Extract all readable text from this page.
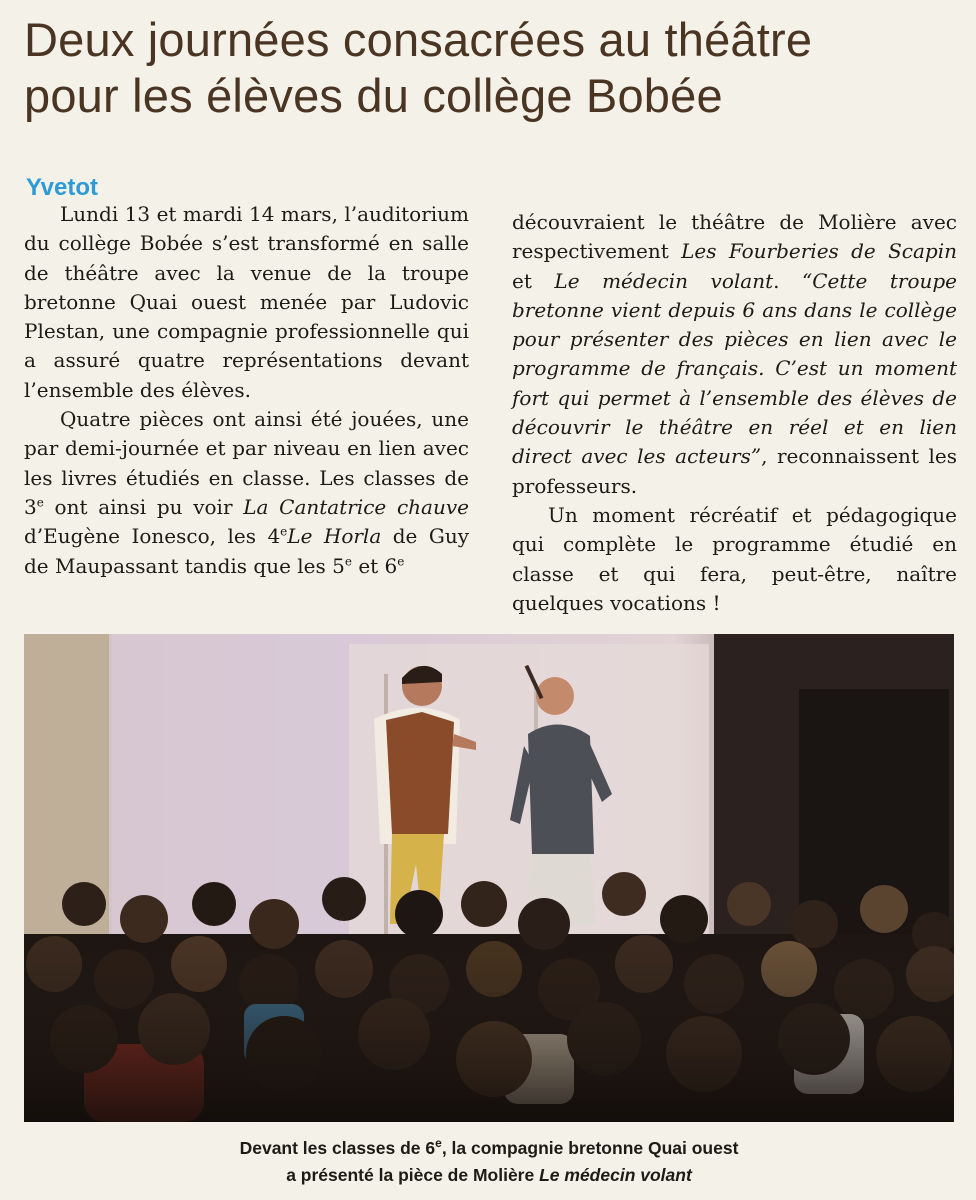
Deux journées consacrées au théâtre
pour les élèves du collège Bobée
Yvetot

Lundi 13 et mardi 14 mars, l’auditorium du collège Bobée s’est transformé en salle de théâtre avec la venue de la troupe bretonne Quai ouest menée par Ludovic Plestan, une compagnie professionnelle qui a assuré quatre représentations devant l’ensemble des élèves.

Quatre pièces ont ainsi été jouées, une par demi-journée et par niveau en lien avec les livres étudiés en classe. Les classes de 3e ont ainsi pu voir La Cantatrice chauve d’Eugène Ionesco, les 4eLe Horla de Guy de Maupassant tandis que les 5e et 6e

découvraient le théâtre de Molière avec respectivement Les Fourberies de Scapin et Le médecin volant. “Cette troupe bretonne vient depuis 6 ans dans le collège pour présenter des pièces en lien avec le programme de français. C’est un moment fort qui permet à l’ensemble des élèves de découvrir le théâtre en réel et en lien direct avec les acteurs”, reconnaissent les professeurs.

Un moment récréatif et pédagogique qui complète le programme étudié en classe et qui fera, peut-être, naître quelques vocations !

Devant les classes de 6e, la compagnie bretonne Quai ouest
a présenté la pièce de Molière Le médecin volant
